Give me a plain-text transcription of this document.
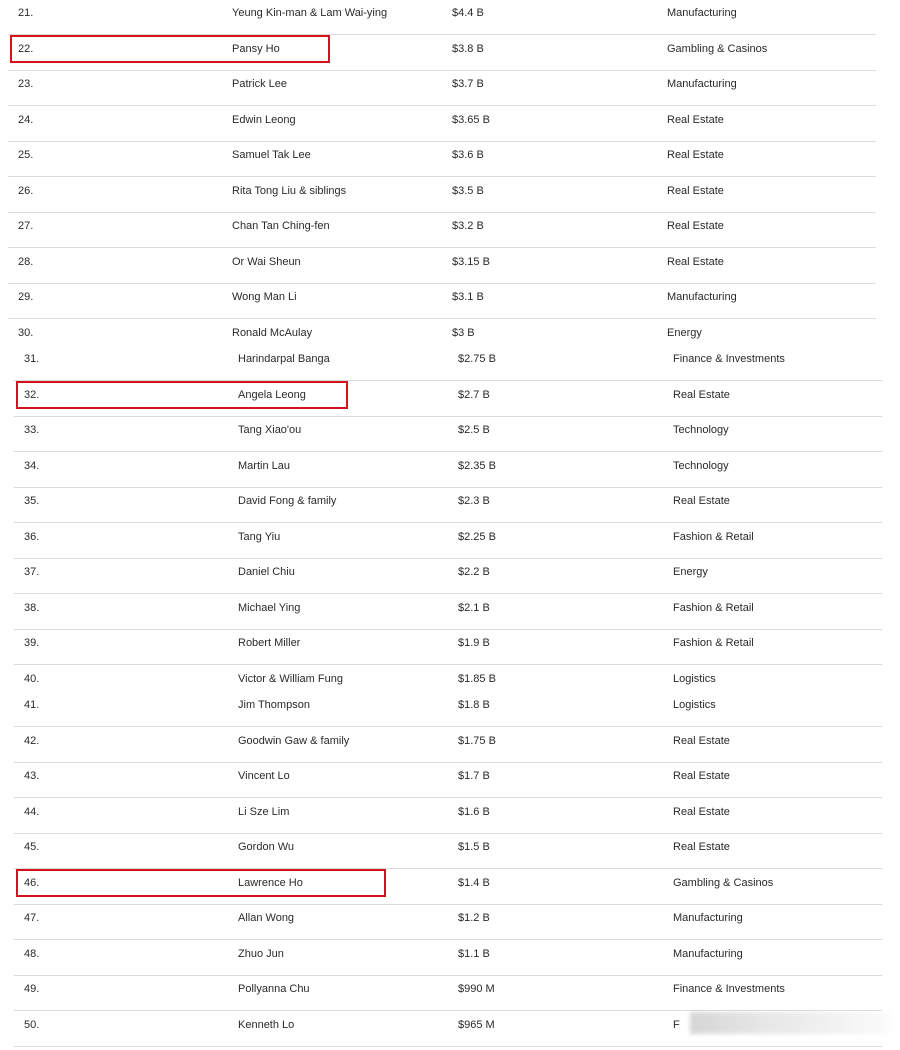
21.	Yeung Kin-man & Lam Wai-ying	$4.4 B	Manufacturing
22.	Pansy Ho	$3.8 B	Gambling & Casinos
23.	Patrick Lee	$3.7 B	Manufacturing
24.	Edwin Leong	$3.65 B	Real Estate
25.	Samuel Tak Lee	$3.6 B	Real Estate
26.	Rita Tong Liu & siblings	$3.5 B	Real Estate
27.	Chan Tan Ching-fen	$3.2 B	Real Estate
28.	Or Wai Sheun	$3.15 B	Real Estate
29.	Wong Man Li	$3.1 B	Manufacturing
30.	Ronald McAulay	$3 B	Energy
31.	Harindarpal Banga	$2.75 B	Finance & Investments
32.	Angela Leong	$2.7 B	Real Estate
33.	Tang Xiao'ou	$2.5 B	Technology
34.	Martin Lau	$2.35 B	Technology
35.	David Fong & family	$2.3 B	Real Estate
36.	Tang Yiu	$2.25 B	Fashion & Retail
37.	Daniel Chiu	$2.2 B	Energy
38.	Michael Ying	$2.1 B	Fashion & Retail
39.	Robert Miller	$1.9 B	Fashion & Retail
40.	Victor & William Fung	$1.85 B	Logistics
41.	Jim Thompson	$1.8 B	Logistics
42.	Goodwin Gaw & family	$1.75 B	Real Estate
43.	Vincent Lo	$1.7 B	Real Estate
44.	Li Sze Lim	$1.6 B	Real Estate
45.	Gordon Wu	$1.5 B	Real Estate
46.	Lawrence Ho	$1.4 B	Gambling & Casinos
47.	Allan Wong	$1.2 B	Manufacturing
48.	Zhuo Jun	$1.1 B	Manufacturing
49.	Pollyanna Chu	$990 M	Finance & Investments
50.	Kenneth Lo	$965 M	F
